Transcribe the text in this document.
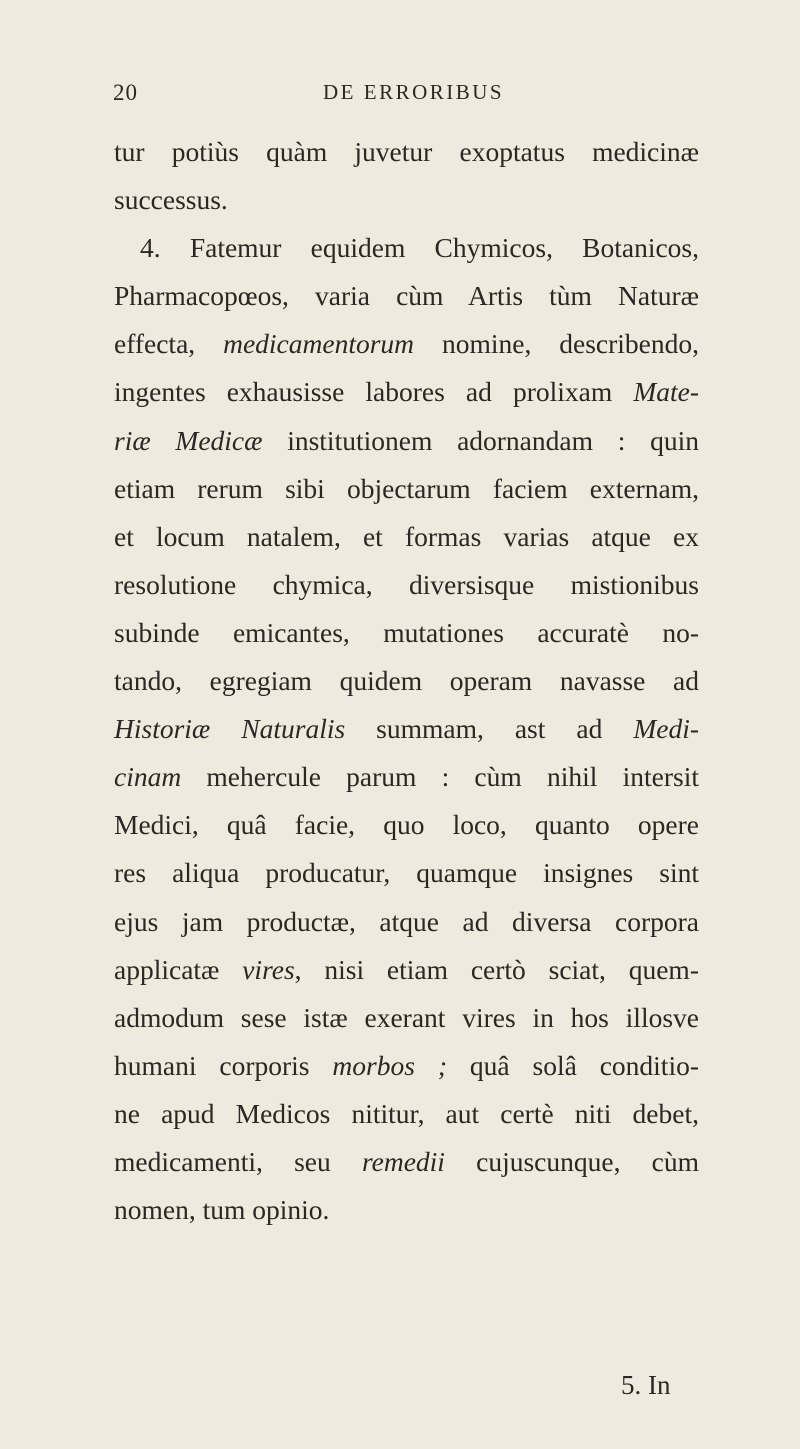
20	DE ERRORIBUS
tur potiùs quàm juvetur exoptatus medicinæ
successus.
4. Fatemur equidem Chymicos, Botanicos,
Pharmacopœos, varia cùm Artis tùm Naturæ
effecta, medicamentorum nomine, describendo,
ingentes exhausisse labores ad prolixam Mate-
riæ Medicæ institutionem adornandam : quin
etiam rerum sibi objectarum faciem externam,
et locum natalem, et formas varias atque ex
resolutione chymica, diversisque mistionibus
subinde emicantes, mutationes accuratè no-
tando, egregiam quidem operam navasse ad
Historiæ Naturalis summam, ast ad Medi-
cinam mehercule parum : cùm nihil intersit
Medici, quâ facie, quo loco, quanto opere
res aliqua producatur, quamque insignes sint
ejus jam productæ, atque ad diversa corpora
applicatæ vires, nisi etiam certò sciat, quem-
admodum sese istæ exerant vires in hos illosve
humani corporis morbos ; quâ solâ conditio-
ne apud Medicos nititur, aut certè niti debet,
medicamenti, seu remedii cujuscunque, cùm
nomen, tum opinio.
5. In
